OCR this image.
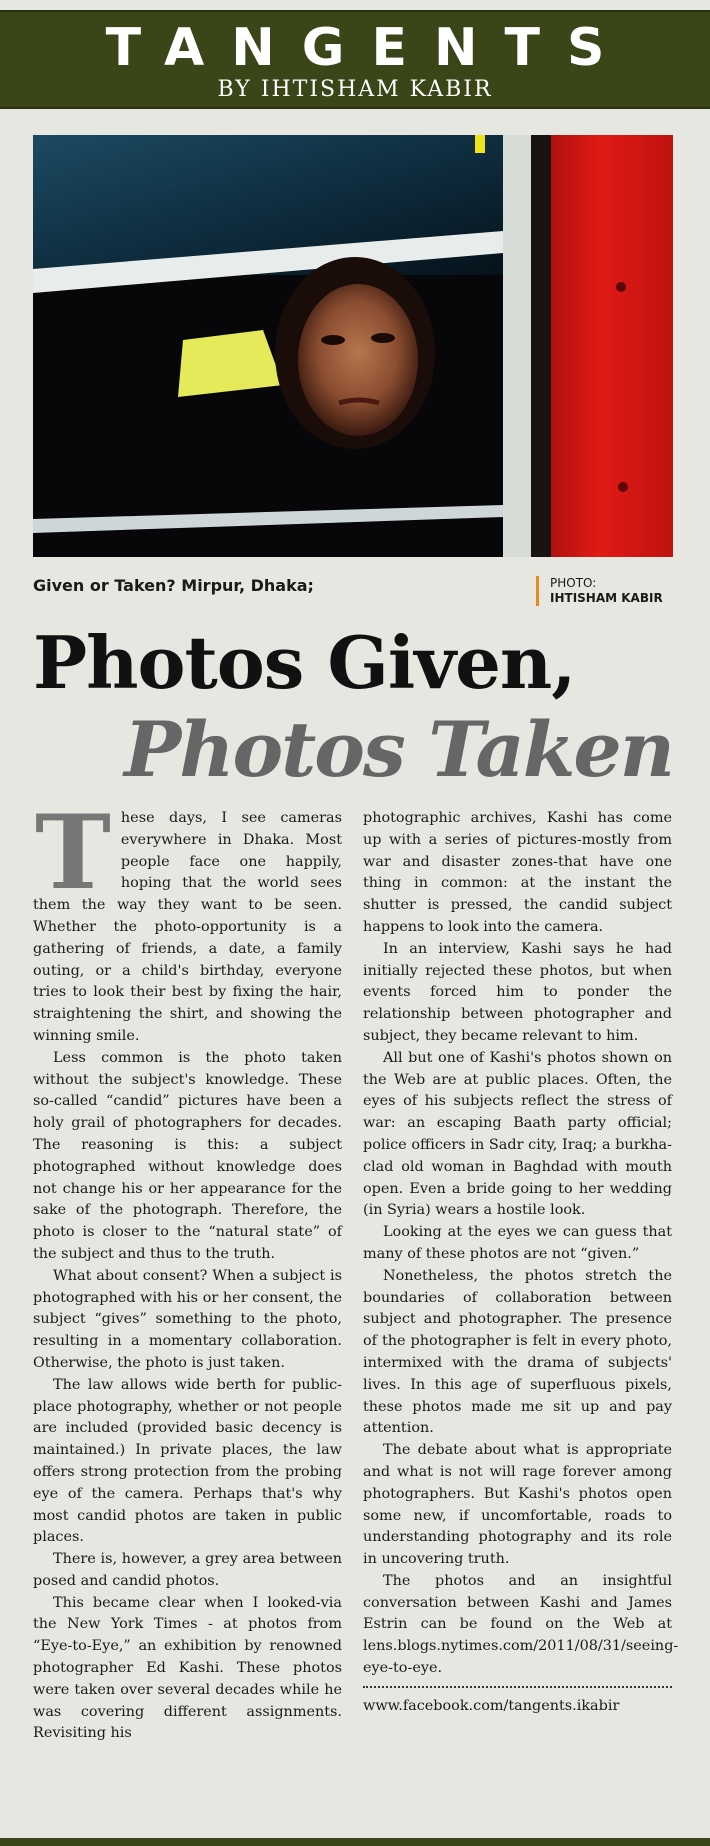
TANGENTS
BY IHTISHAM KABIR
Given or Taken? Mirpur, Dhaka;	PHOTO:
IHTISHAM KABIR
Photos Given,
Photos Taken

These days, I see cameras everywhere in Dhaka. Most people face one happily, hoping that the world sees them the way they want to be seen. Whether the photo-opportunity is a gathering of friends, a date, a family outing, or a child's birthday, everyone tries to look their best by fixing the hair, straightening the shirt, and showing the winning smile.

Less common is the photo taken without the subject's knowledge. These so-called “candid” pictures have been a holy grail of photographers for decades. The reasoning is this: a subject photographed without knowledge does not change his or her appearance for the sake of the photograph. Therefore, the photo is closer to the “natural state” of the subject and thus to the truth.

What about consent? When a subject is photographed with his or her consent, the subject “gives” something to the photo, resulting in a momentary collaboration. Otherwise, the photo is just taken.

The law allows wide berth for public-place photography, whether or not people are included (provided basic decency is maintained.) In private places, the law offers strong protection from the probing eye of the camera. Perhaps that's why most candid photos are taken in public places.

There is, however, a grey area between posed and candid photos.

This became clear when I looked-via the New York Times - at photos from “Eye-to-Eye,” an exhibition by renowned photographer Ed Kashi. These photos were taken over several decades while he was covering different assignments. Revisiting his

photographic archives, Kashi has come up with a series of pictures-mostly from war and disaster zones-that have one thing in common: at the instant the shutter is pressed, the candid subject happens to look into the camera.

In an interview, Kashi says he had initially rejected these photos, but when events forced him to ponder the relationship between photographer and subject, they became relevant to him.

All but one of Kashi's photos shown on the Web are at public places. Often, the eyes of his subjects reflect the stress of war: an escaping Baath party official; police officers in Sadr city, Iraq; a burkha-clad old woman in Baghdad with mouth open. Even a bride going to her wedding (in Syria) wears a hostile look.

Looking at the eyes we can guess that many of these photos are not “given.”

Nonetheless, the photos stretch the boundaries of collaboration between subject and photographer. The presence of the photographer is felt in every photo, intermixed with the drama of subjects' lives. In this age of superfluous pixels, these photos made me sit up and pay attention.

The debate about what is appropriate and what is not will rage forever among photographers. But Kashi's photos open some new, if uncomfortable, roads to understanding photography and its role in uncovering truth.

The photos and an insightful conversation between Kashi and James Estrin can be found on the Web at lens.blogs.nytimes.com/2011/08/31/seeing-eye-to-eye.

www.facebook.com/tangents.ikabir
